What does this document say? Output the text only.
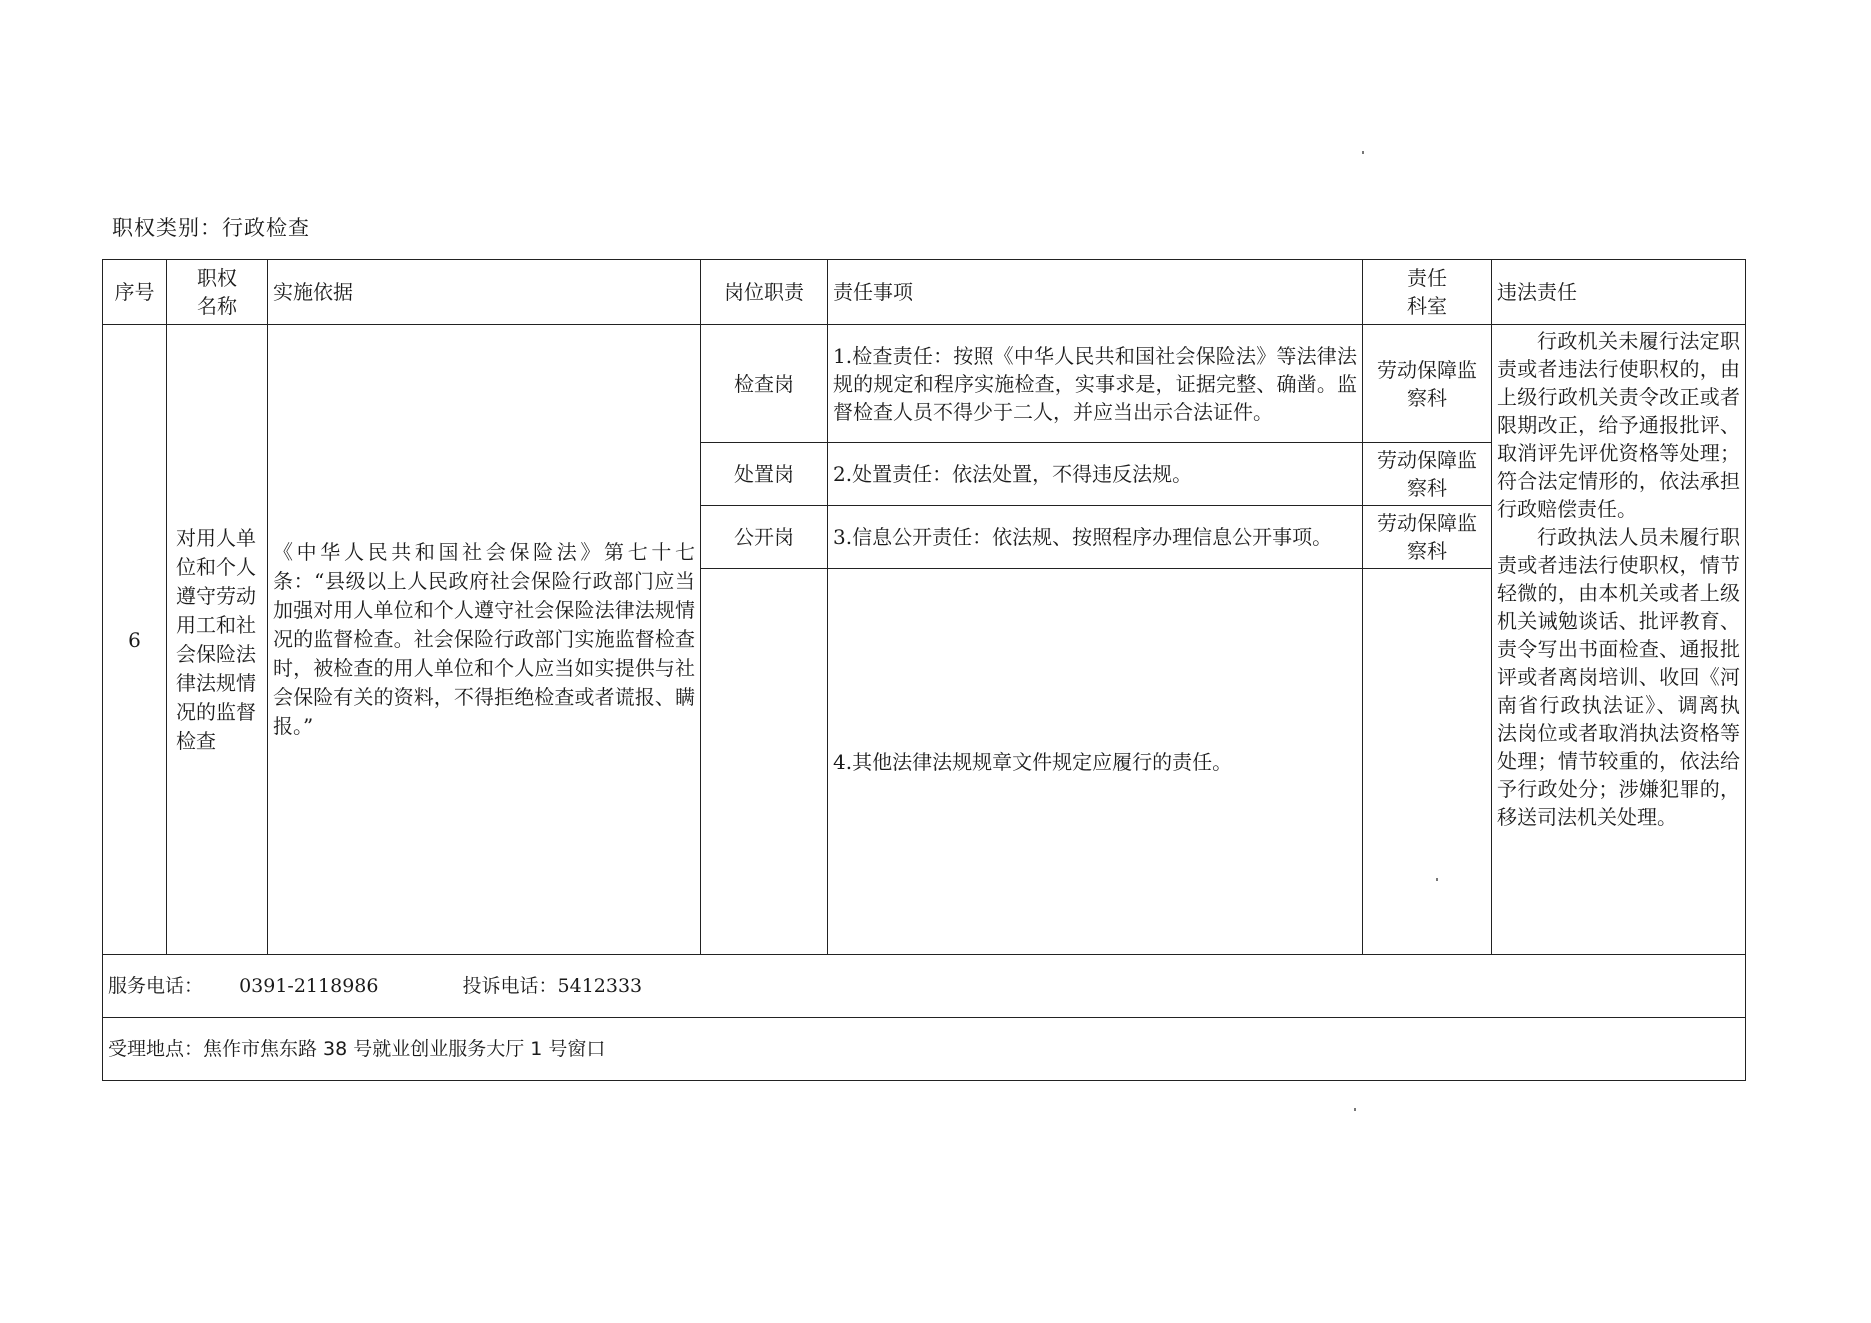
职权类别：行政检查
序号	职权名称	实施依据	岗位职责	责任事项	责任科室	违法责任
6	对用人单位和个人遵守劳动用工和社会保险法律法规情况的监督检查	《中华人民共和国社会保险法》第七十七条：“县级以上人民政府社会保险行政部门应当加强对用人单位和个人遵守社会保险法律法规情况的监督检查。社会保险行政部门实施监督检查时，被检查的用人单位和个人应当如实提供与社会保险有关的资料，不得拒绝检查或者谎报、瞒报。”	检查岗	1.检查责任：按照《中华人民共和国社会保险法》等法律法规的规定和程序实施检查，实事求是，证据完整、确凿。监督检查人员不得少于二人，并应当出示合法证件。	劳动保障监察科	行政机关未履行法定职责或者违法行使职权的，由上级行政机关责令改正或者限期改正，给予通报批评、取消评先评优资格等处理；符合法定情形的，依法承担行政赔偿责任。

行政执法人员未履行职责或者违法行使职权，情节轻微的，由本机关或者上级机关诫勉谈话、批评教育、责令写出书面检查、通报批评或者离岗培训、收回《河南省行政执法证》、调离执法岗位或者取消执法资格等处理；情节较重的，依法给予行政处分；涉嫌犯罪的，移送司法机关处理。

			处置岗	2.处置责任：依法处置，不得违反法规。	劳动保障监察科	
			公开岗	3.信息公开责任：依法规、按照程序办理信息公开事项。	劳动保障监察科	
				4.其他法律法规规章文件规定应履行的责任。		
服务电话： 0391-2118986 投诉电话：5412333						
受理地点：焦作市焦东路 38 号就业创业服务大厅 1 号窗口						
